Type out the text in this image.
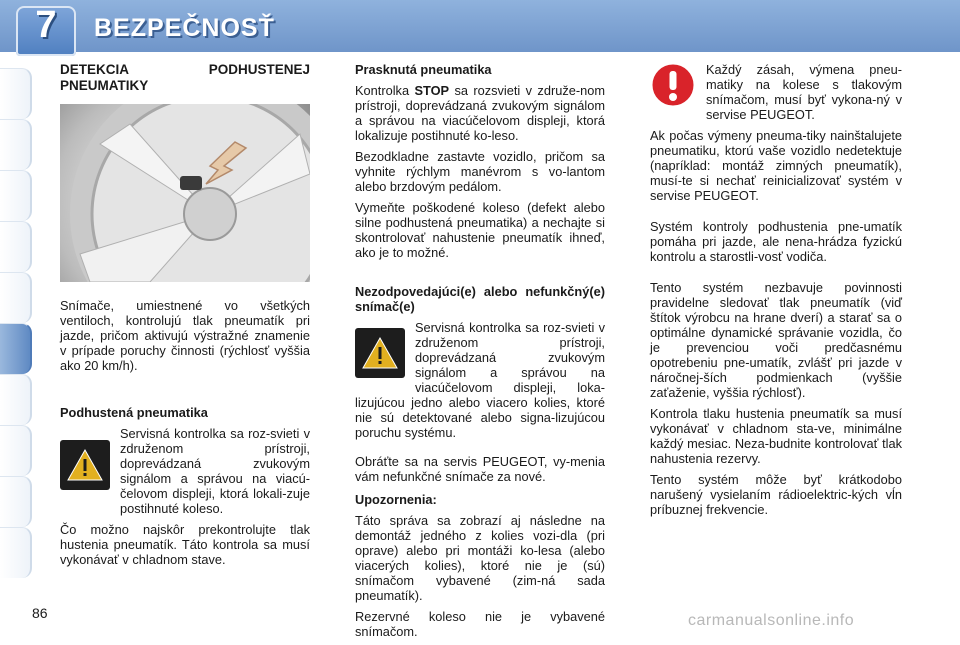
7	BEZPEČNOSŤ

DETEKCIA PODHUSTENEJ PNEUMATIKY

Snímače, umiestnené vo všetkých ventiloch, kontrolujú tlak pneumatík pri jazde, pričom aktivujú výstražné znamenie v prípade poruchy činnosti (rýchlosť vyššia ako 20 km/h).

Podhustená pneumatika

Servisná kontrolka sa roz-svieti v združenom prístroji, doprevádzaná zvukovým signálom a správou na viacú-čelovom displeji, ktorá lokali-zuje postihnuté koleso.

Čo možno najskôr prekontrolujte tlak hustenia pneumatík. Táto kontrola sa musí vykonávať v chladnom stave.

Prasknutá pneumatika

Kontrolka STOP sa rozsvieti v združe-nom prístroji, doprevádzaná zvukovým signálom a správou na viacúčelovom displeji, ktorá lokalizuje postihnuté ko-leso.

Bezodkladne zastavte vozidlo, pričom sa vyhnite rýchlym manévrom s vo-lantom alebo brzdovým pedálom.

Vymeňte poškodené koleso (defekt alebo silne podhustená pneumatika) a nechajte si skontrolovať nahustenie pneumatík ihneď, ako je to možné.

Nezodpovedajúci(e) alebo nefunkčný(e) snímač(e)

Servisná kontrolka sa roz-svieti v združenom prístroji, doprevádzaná zvukovým signálom a správou na viacúčelovom displeji, loka-lizujúcou jedno alebo viacero kolies, ktoré nie sú detektované alebo signa-lizujúcou poruchu systému.

Obráťte sa na servis PEUGEOT, vy-menia vám nefunkčné snímače za nové.

Upozornenia:

Táto správa sa zobrazí aj následne na demontáž jedného z kolies vozi-dla (pri oprave) alebo pri montáži ko-lesa (alebo viacerých kolies), ktoré nie je (sú) snímačom vybavené (zim-ná sada pneumatík).

Rezervné koleso nie je vybavené snímačom.

Každý zásah, výmena pneu-matiky na kolese s tlakovým snímačom, musí byť vykona-ný v servise PEUGEOT.

Ak počas výmeny pneuma-tiky nainštalujete pneumatiku, ktorú vaše vozidlo nedetektuje (napríklad: montáž zimných pneumatík), musí-te si nechať reinicializovať systém v servise PEUGEOT.

Systém kontroly podhustenia pne-umatík pomáha pri jazde, ale nena-hrádza fyzickú kontrolu a starostli-vosť vodiča.

Tento systém nezbavuje povinnosti pravidelne sledovať tlak pneumatík (viď štítok výrobcu na hrane dverí) a starať sa o optimálne dynamické správanie vozidla, čo je prevenciou voči predčasnému opotrebeniu pne-umatík, zvlášť pri jazde v náročnej-ších podmienkach (vyššie zaťaženie, vyššia rýchlosť).

Kontrola tlaku hustenia pneumatík sa musí vykonávať v chladnom sta-ve, minimálne každý mesiac. Neza-budnite kontrolovať tlak nahustenia rezervy.

Tento systém môže byť krátkodobo narušený vysielaním rádioelektric-kých vĺn príbuznej frekvencie.

86	carmanualsonline.info
